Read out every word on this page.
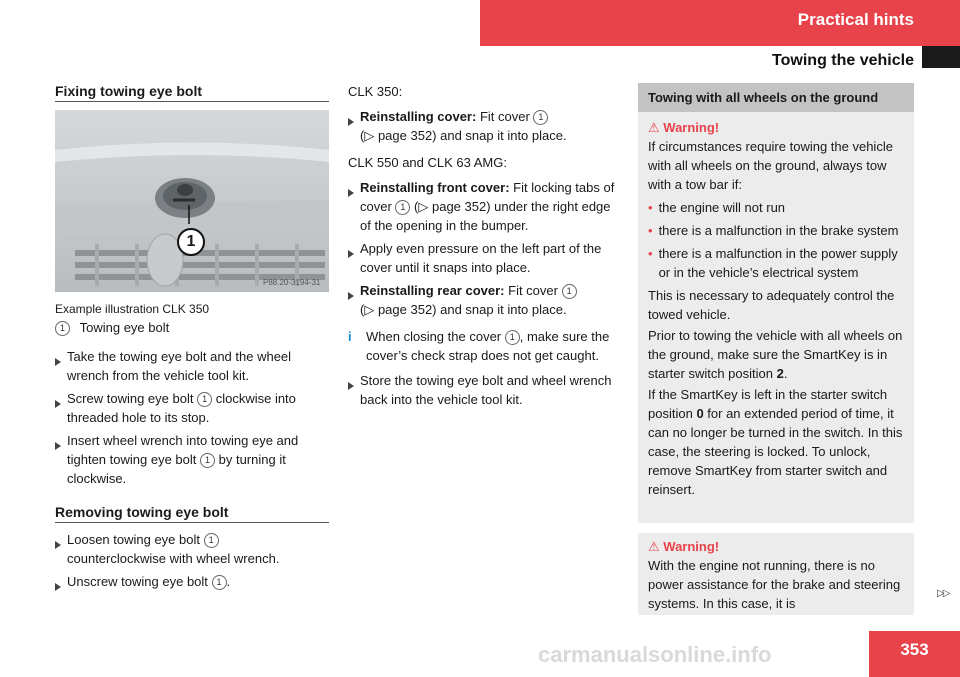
Practical hints
Towing the vehicle
Fixing towing eye bolt
1
P88.20-3194-31
Example illustration CLK 350
1 Towing eye bolt
Take the towing eye bolt and the wheel wrench from the vehicle tool kit.
Screw towing eye bolt 1 clockwise into threaded hole to its stop.
Insert wheel wrench into towing eye and tighten towing eye bolt 1 by turning it clockwise.
Removing towing eye bolt
Loosen towing eye bolt 1
counterclockwise with wheel wrench.
Unscrew towing eye bolt 1 .
CLK 350:
Reinstalling cover: Fit cover 1
(▷ page 352) and snap it into place.
CLK 550 and CLK 63 AMG:
Reinstalling front cover: Fit locking tabs of cover 1 (▷ page 352) under the right edge of the opening in the bumper.
Apply even pressure on the left part of the cover until it snaps into place.
Reinstalling rear cover: Fit cover 1
(▷ page 352) and snap it into place.
i	When closing the cover 1 , make sure the cover’s check strap does not get caught.
Store the towing eye bolt and wheel wrench back into the vehicle tool kit.
Towing with all wheels on the ground
⚠ Warning!
If circumstances require towing the vehicle with all wheels on the ground, always tow with a tow bar if:
• the engine will not run
• there is a malfunction in the brake system
• there is a malfunction in the power supply or in the vehicle’s electrical system
This is necessary to adequately control the towed vehicle.
Prior to towing the vehicle with all wheels on the ground, make sure the SmartKey is in starter switch position 2.
If the SmartKey is left in the starter switch position 0 for an extended period of time, it can no longer be turned in the switch. In this case, the steering is locked. To unlock, remove SmartKey from starter switch and reinsert.
⚠ Warning!
With the engine not running, there is no power assistance for the brake and steering systems. In this case, it is
▷▷
carmanualsonline.info	353
